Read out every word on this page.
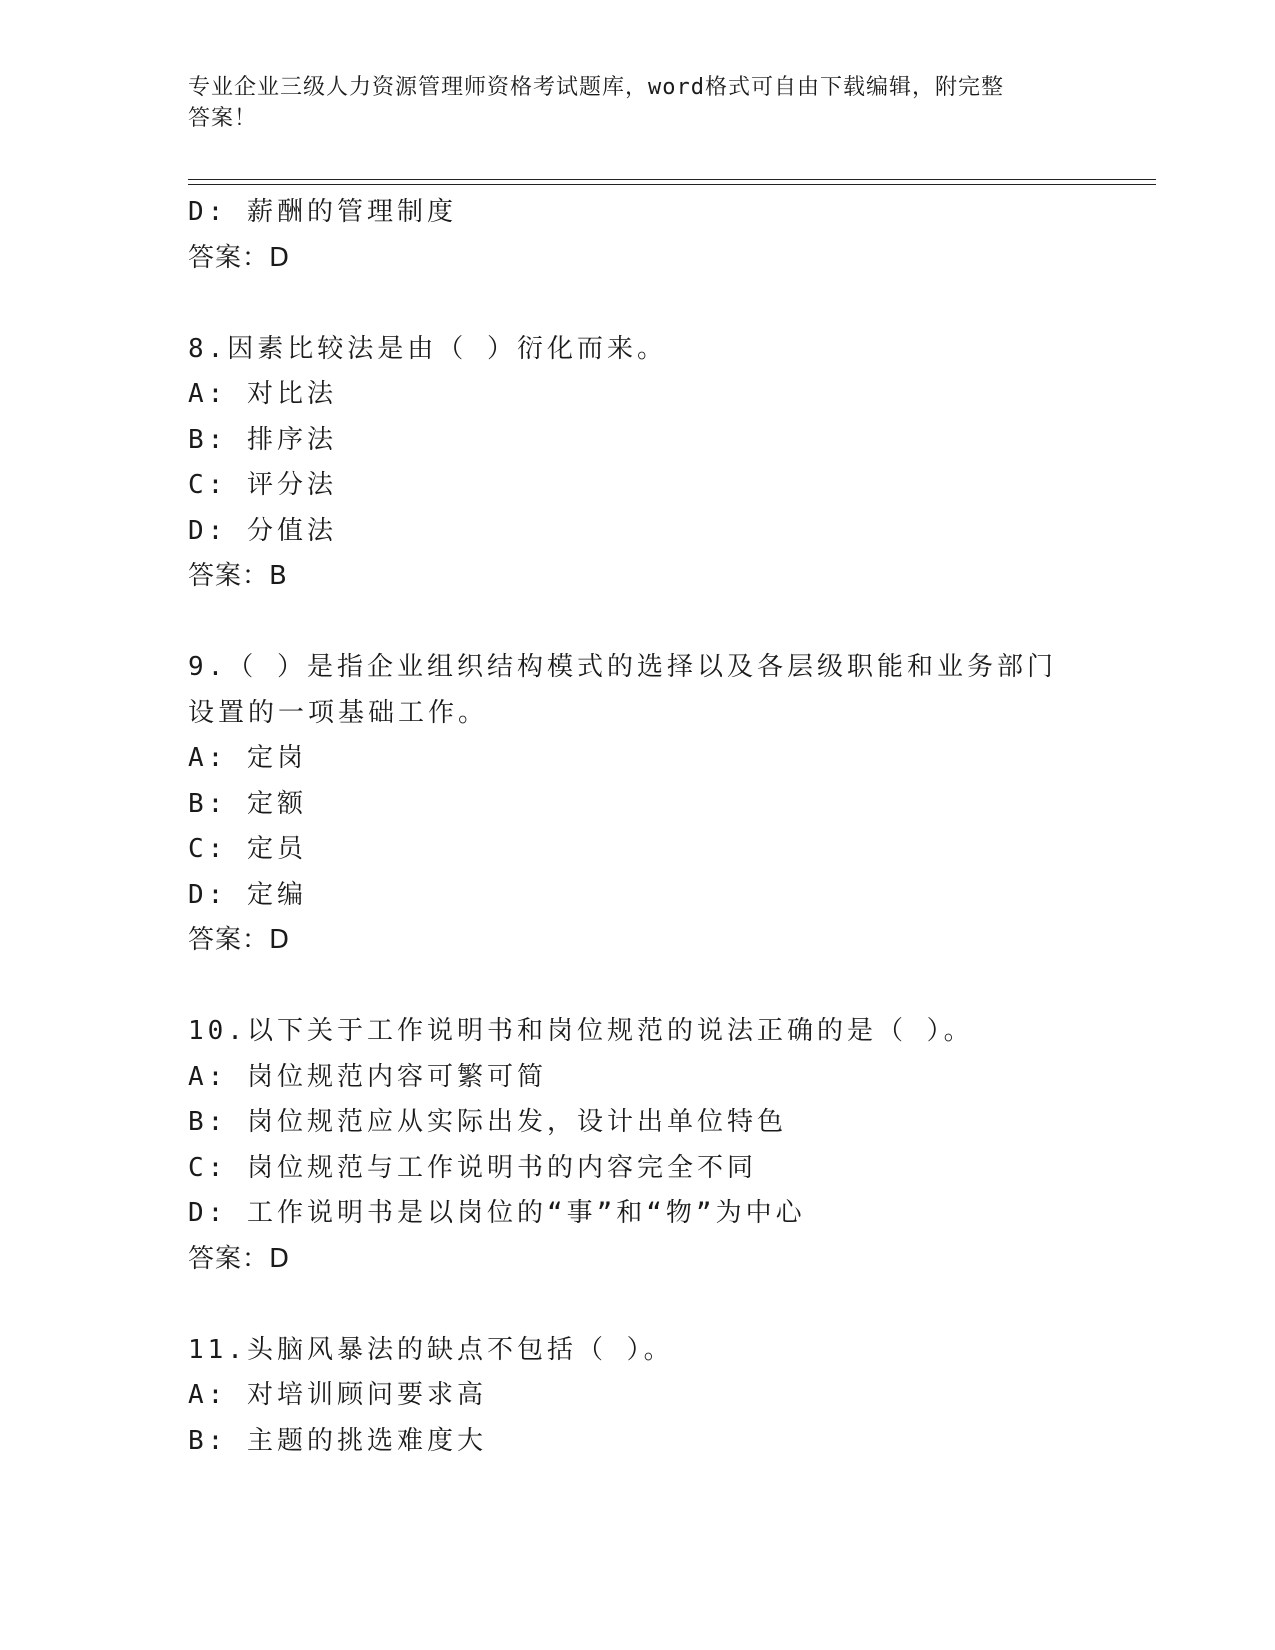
专业企业三级人力资源管理师资格考试题库，word格式可自由下载编辑，附完整
答案！
D: 薪酬的管理制度
答案：D
8.因素比较法是由（ ）衍化而来。
A: 对比法
B: 排序法
C: 评分法
D: 分值法
答案：B
9.（ ）是指企业组织结构模式的选择以及各层级职能和业务部门
设置的一项基础工作。
A: 定岗
B: 定额
C: 定员
D: 定编
答案：D
10.以下关于工作说明书和岗位规范的说法正确的是（ ）。
A: 岗位规范内容可繁可简
B: 岗位规范应从实际出发，设计出单位特色
C: 岗位规范与工作说明书的内容完全不同
D: 工作说明书是以岗位的“事”和“物”为中心
答案：D
11.头脑风暴法的缺点不包括（ ）。
A: 对培训顾问要求高
B: 主题的挑选难度大
